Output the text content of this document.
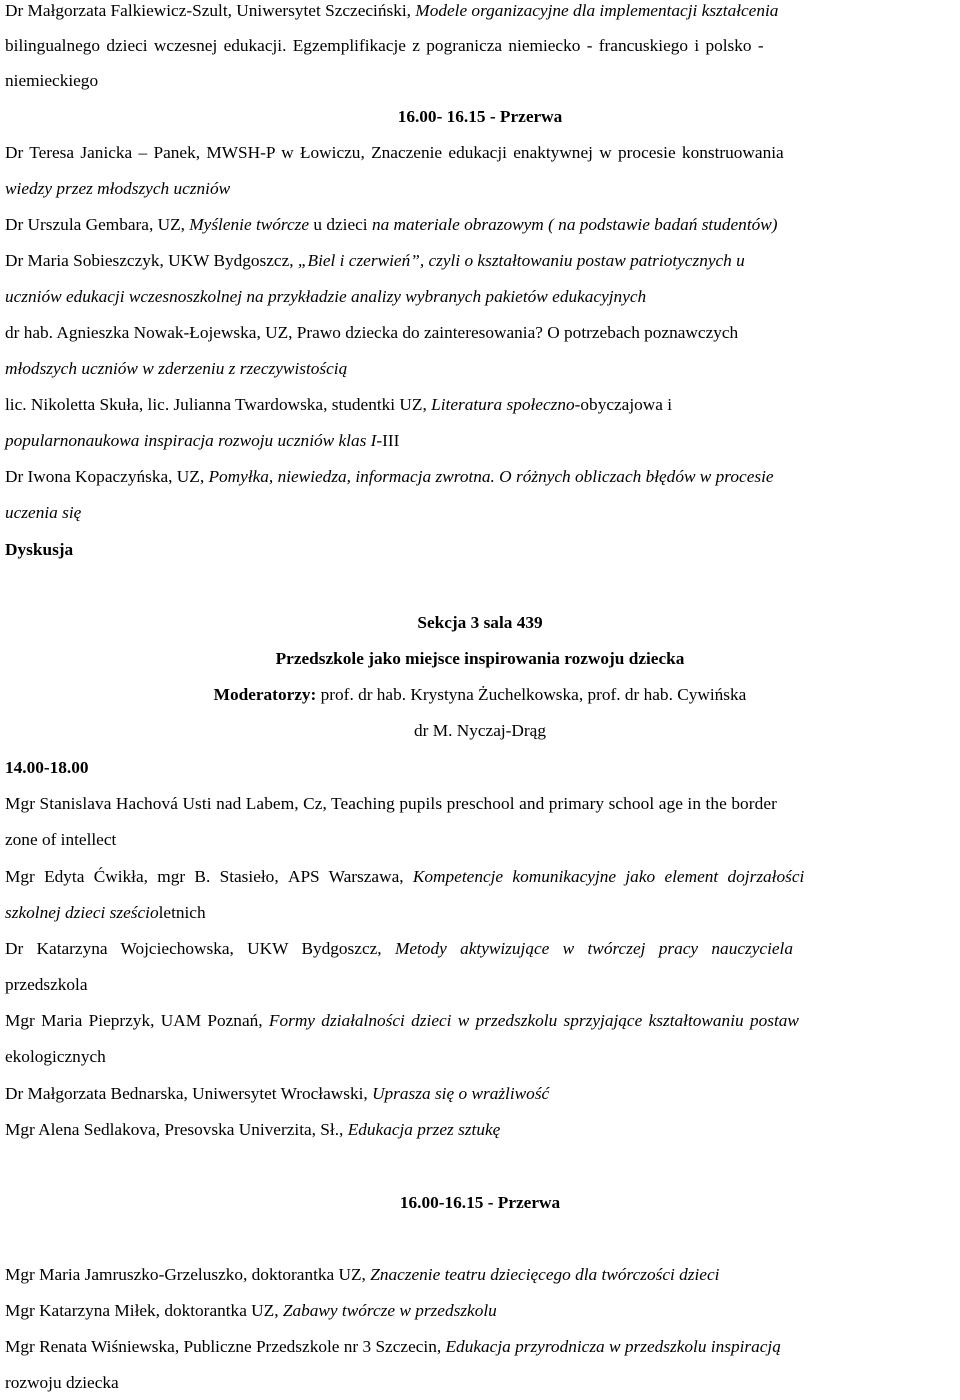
Dr Małgorzata Falkiewicz-Szult, Uniwersytet Szczeciński, Modele organizacyjne dla implementacji kształcenia
bilingualnego dzieci wczesnej edukacji. Egzemplifikacje z pogranicza niemiecko - francuskiego i polsko -
niemieckiego
16.00- 16.15 - Przerwa
Dr Teresa Janicka – Panek, MWSH-P w Łowiczu, Znaczenie edukacji enaktywnej w procesie konstruowania
wiedzy przez młodszych uczniów
Dr Urszula Gembara, UZ, Myślenie twórcze u dzieci na materiale obrazowym ( na podstawie badań studentów)
Dr Maria Sobieszczyk, UKW Bydgoszcz, „Biel i czerwień”, czyli o kształtowaniu postaw patriotycznych u
uczniów edukacji wczesnoszkolnej na przykładzie analizy wybranych pakietów edukacyjnych
dr hab. Agnieszka Nowak-Łojewska, UZ, Prawo dziecka do zainteresowania? O potrzebach poznawczych
młodszych uczniów w zderzeniu z rzeczywistością
lic. Nikoletta Skuła, lic. Julianna Twardowska, studentki UZ, Literatura społeczno-obyczajowa i
popularnonaukowa inspiracja rozwoju uczniów klas I-III
Dr Iwona Kopaczyńska, UZ, Pomyłka, niewiedza, informacja zwrotna. O różnych obliczach błędów w procesie
uczenia się
Dyskusja
Sekcja 3 sala 439
Przedszkole jako miejsce inspirowania rozwoju dziecka
Moderatorzy: prof. dr hab. Krystyna Żuchelkowska, prof. dr hab. Cywińska
dr M. Nyczaj-Drąg
14.00-18.00
Mgr Stanislava Hachová Usti nad Labem, Cz, Teaching pupils preschool and primary school age in the border
zone of intellect
Mgr Edyta Ćwikła, mgr B. Stasiełо, APS Warszawa, Kompetencje komunikacyjne jako element dojrzałości
szkolnej dzieci sześcioletnich
Dr Katarzyna Wojciechowska, UKW Bydgoszcz, Metody aktywizujące w twórczej pracy nauczyciela
przedszkola
Mgr Maria Pieprzyk, UAM Poznań, Formy działalności dzieci w przedszkolu sprzyjające kształtowaniu postaw
ekologicznych
Dr Małgorzata Bednarska, Uniwersytet Wrocławski, Uprasza się o wrażliwość
Mgr Alena Sedlakova, Presovska Univerzita, Sł., Edukacja przez sztukę
16.00-16.15 - Przerwa
Mgr Maria Jamruszko-Grzeluszko, doktorantka UZ, Znaczenie teatru dziecięcego dla twórczości dzieci
Mgr Katarzyna Miłek, doktorantka UZ, Zabawy twórcze w przedszkolu
Mgr Renata Wiśniewska, Publiczne Przedszkole nr 3 Szczecin, Edukacja przyrodnicza w przedszkolu inspiracją
rozwoju dziecka
